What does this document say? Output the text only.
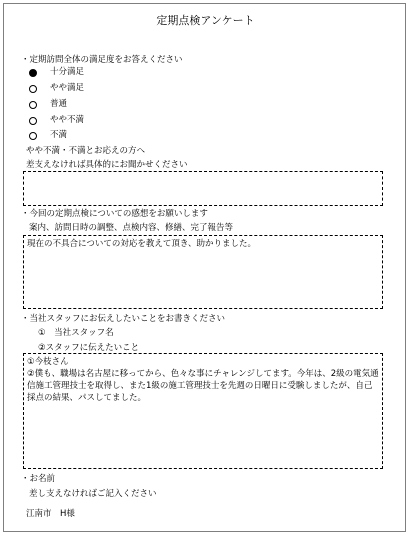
定期点検アンケート
・定期訪問全体の満足度をお答えください
十分満足
やや満足
普通
やや不満
不満
やや不満・不満とお応えの方へ
差支えなければ具体的にお聞かせください
・今回の定期点検についての感想をお願いします
案内、訪問日時の調整、点検内容、修繕、完了報告等
現在の不具合についての対応を教えて頂き、助かりました。
・当社スタッフにお伝えしたいことをお書きください
①　当社スタッフ名
②スタッフに伝えたいこと
①今枝さん
②僕も、職場は名古屋に移ってから、色々な事にチャレンジしてます。今年は、2級の電気通信施工管理技士を取得し、また1級の施工管理技士を先週の日曜日に受験しましたが、自己採点の結果、パスしてました。
・お名前
差し支えなければご記入ください
江南市　H様
